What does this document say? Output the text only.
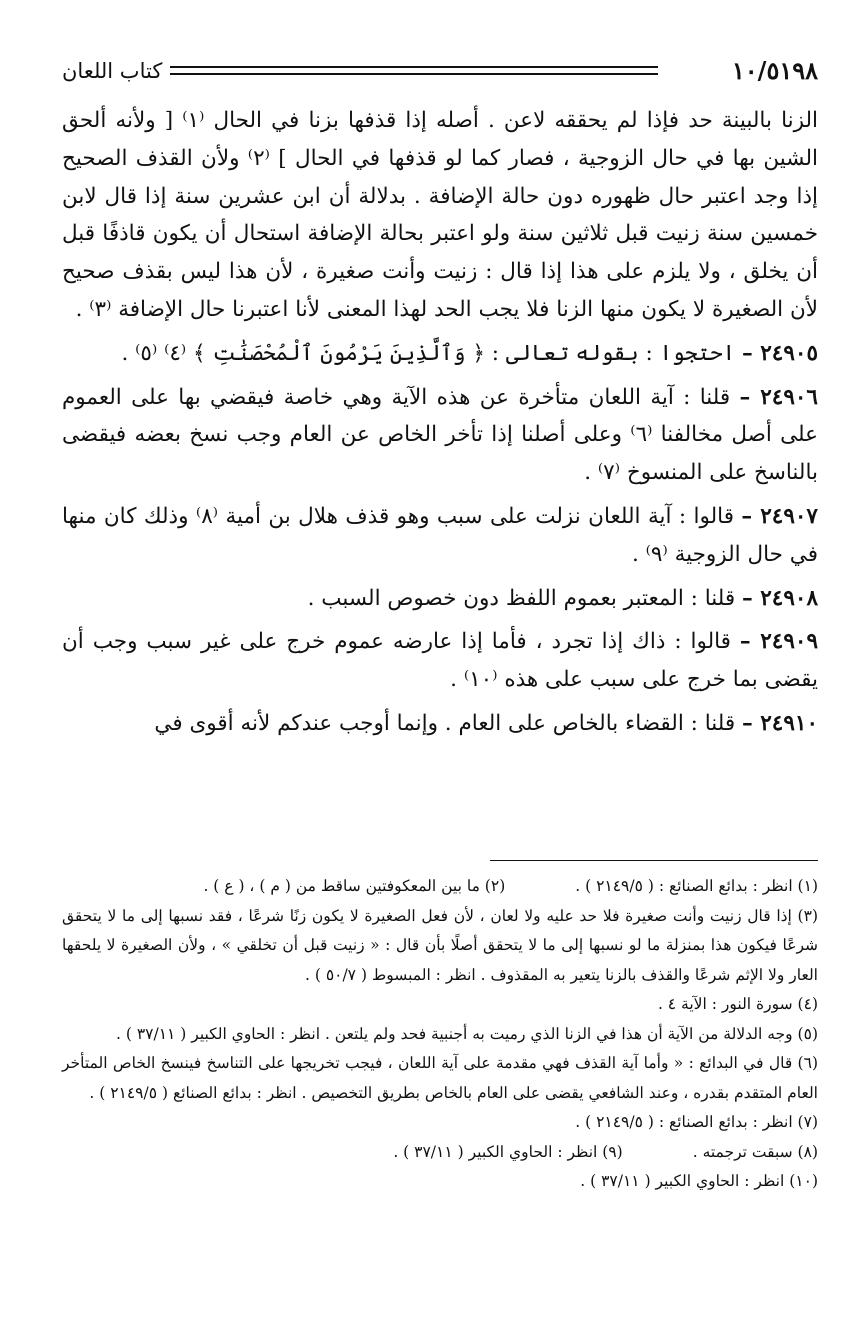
١٠/٥١٩٨
كتاب اللعان

الزنا بالبينة حد فإذا لم يحققه لاعن . أصله إذا قذفها بزنا في الحال ⁽١⁾ [ ولأنه ألحق الشين بها في حال الزوجية ، فصار كما لو قذفها في الحال ] ⁽٢⁾ ولأن القذف الصحيح إذا وجد اعتبر حال ظهوره دون حالة الإضافة . بدلالة أن ابن عشرين سنة إذا قال لابن خمسين سنة زنيت قبل ثلاثين سنة ولو اعتبر بحالة الإضافة استحال أن يكون قاذفًا قبل أن يخلق ، ولا يلزم على هذا إذا قال : زنيت وأنت صغيرة ، لأن هذا ليس بقذف صحيح لأن الصغيرة لا يكون منها الزنا فلا يجب الحد لهذا المعنى لأنا اعتبرنا حال الإضافة ⁽٣⁾ .

٢٤٩٠٥ – احتجوا : بقوله تعالى : ﴿ وَٱلَّذِينَ يَرْمُونَ ٱلْمُحْصَنَٰتِ ﴾ ⁽٤⁾ ⁽٥⁾ .

٢٤٩٠٦ – قلنا : آية اللعان متأخرة عن هذه الآية وهي خاصة فيقضي بها على العموم على أصل مخالفنا ⁽٦⁾ وعلى أصلنا إذا تأخر الخاص عن العام وجب نسخ بعضه فيقضى بالناسخ على المنسوخ ⁽٧⁾ .

٢٤٩٠٧ – قالوا : آية اللعان نزلت على سبب وهو قذف هلال بن أمية ⁽٨⁾ وذلك كان منها في حال الزوجية ⁽٩⁾ .

٢٤٩٠٨ – قلنا : المعتبر بعموم اللفظ دون خصوص السبب .

٢٤٩٠٩ – قالوا : ذاك إذا تجرد ، فأما إذا عارضه عموم خرج على غير سبب وجب أن يقضى بما خرج على سبب على هذه ⁽١٠⁾ .

٢٤٩١٠ – قلنا : القضاء بالخاص على العام . وإنما أوجب عندكم لأنه أقوى في

(١) انظر : بدائع الصنائع : ( ٢١٤٩/٥ ) .
(٢) ما بين المعكوفتين ساقط من ( م ) ، ( ع ) .

(٣) إذا قال زنيت وأنت صغيرة فلا حد عليه ولا لعان ، لأن فعل الصغيرة لا يكون زنًا شرعًا ، فقد نسبها إلى ما لا يتحقق شرعًا فيكون هذا بمنزلة ما لو نسبها إلى ما لا يتحقق أصلًا بأن قال : « زنيت قبل أن تخلقي » ، ولأن الصغيرة لا يلحقها العار ولا الإثم شرعًا والقذف بالزنا يتعير به المقذوف . انظر : المبسوط ( ٥٠/٧ ) .

(٤) سورة النور : الآية ٤ .

(٥) وجه الدلالة من الآية أن هذا في الزنا الذي رميت به أجنبية فحد ولم يلتعن . انظر : الحاوي الكبير ( ٣٧/١١ ) .

(٦) قال في البدائع : « وأما آية القذف فهي مقدمة على آية اللعان ، فيجب تخريجها على التناسخ فينسخ الخاص المتأخر العام المتقدم بقدره ، وعند الشافعي يقضى على العام بالخاص بطريق التخصيص . انظر : بدائع الصنائع ( ٢١٤٩/٥ ) .

(٧) انظر : بدائع الصنائع : ( ٢١٤٩/٥ ) .

(٨) سبقت ترجمته .
(٩) انظر : الحاوي الكبير ( ٣٧/١١ ) .

(١٠) انظر : الحاوي الكبير ( ٣٧/١١ ) .
